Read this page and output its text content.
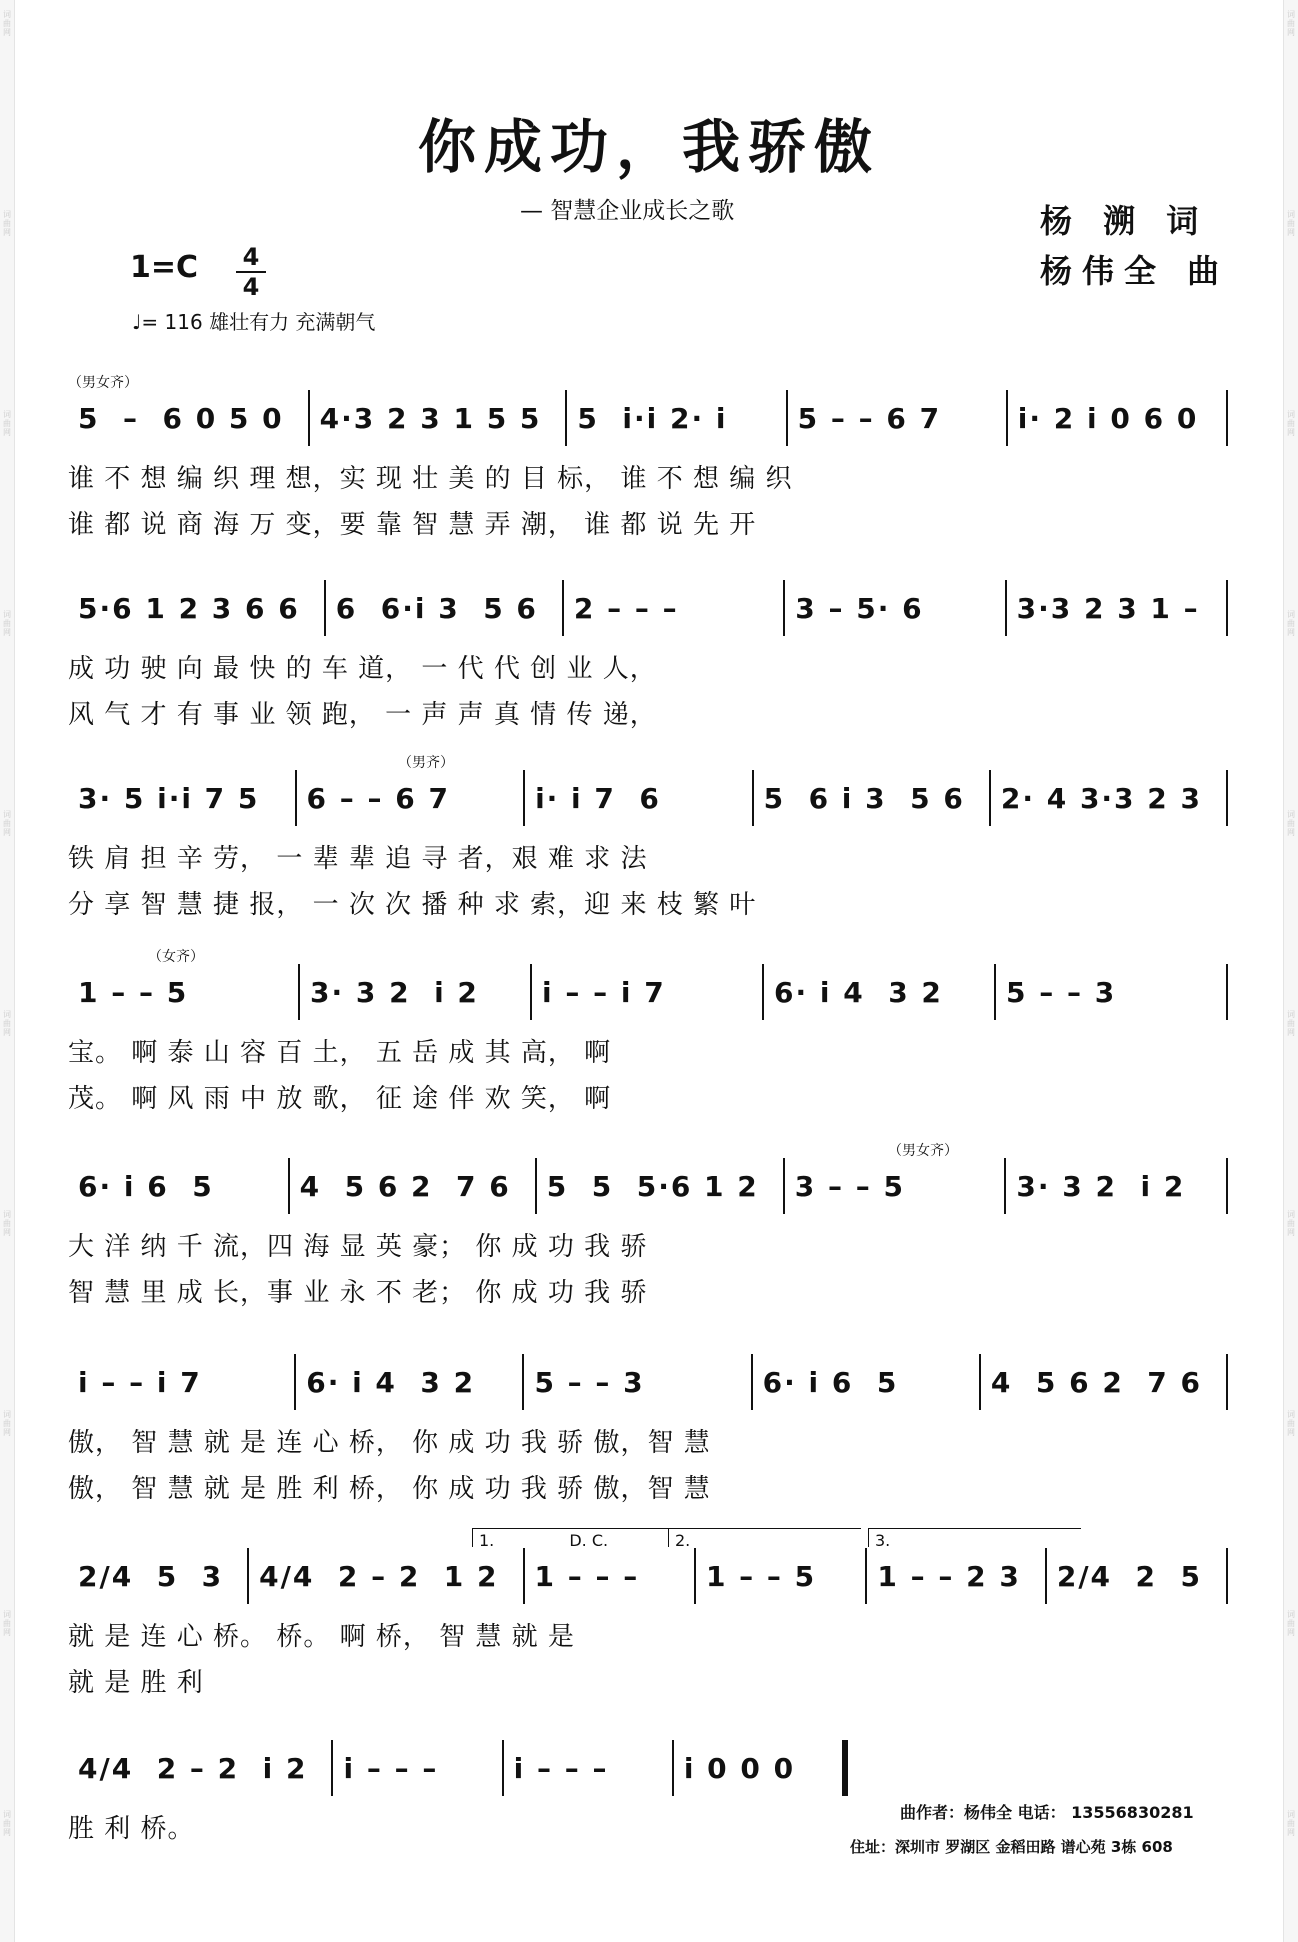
词曲网
词曲网
词曲网
词曲网
词曲网
词曲网
词曲网
词曲网
词曲网
词曲网
词曲网
词曲网
词曲网
词曲网
词曲网
词曲网
词曲网
词曲网
词曲网
词曲网
你成功，我骄傲
— 智慧企业成长之歌	杨 溯 词
杨伟全 曲
1=C 4
4
♩= 116 雄壮有力 充满朝气
（男女齐）
5  –  6 0 5 0 4·3 2 3 1 5 5 5  i·i 2· i	5 – – 6 7	i· 2 i 0 6 0
谁 不 想 编 织 理 想，实 现 壮 美 的 目 标， 谁 不 想 编 织
谁 都 说 商 海 万 变，要 靠 智 慧 弄 潮， 谁 都 说 先 开
5·6 1 2 3 6 6 6  6·i 3  5 6 2 – – –	3 – 5· 6	3·3 2 3 1 –
成 功 驶 向 最 快 的 车 道， 一 代 代 创 业 人，
风 气 才 有 事 业 领 跑， 一 声 声 真 情 传 递，
（男齐）
3· 5 i·i 7 5 6 – – 6 7	i· i 7  6	5  6 i 3  5 6 2· 4 3·3 2 3
铁 肩 担 辛 劳， 一 辈 辈 追 寻 者，艰 难 求 法
分 享 智 慧 捷 报， 一 次 次 播 种 求 索，迎 来 枝 繁 叶
（女齐）
1 – – 5	3· 3 2  i 2 i – – i 7	6· i 4  3 2 5 – – 3
宝。 啊 泰 山 容 百 土， 五 岳 成 其 高， 啊
茂。 啊 风 雨 中 放 歌， 征 途 伴 欢 笑， 啊
（男女齐）
6· i 6  5	4  5 6 2  7 6 5  5  5·6 1 2 3 – – 5	3· 3 2  i 2
大 洋 纳 千 流，四 海 显 英 豪； 你 成 功 我 骄
智 慧 里 成 长，事 业 永 不 老； 你 成 功 我 骄
i – – i 7	6· i 4  3 2 5 – – 3	6· i 6  5	4  5 6 2  7 6
傲， 智 慧 就 是 连 心 桥， 你 成 功 我 骄 傲，智 慧
傲， 智 慧 就 是 胜 利 桥， 你 成 功 我 骄 傲，智 慧
1.	D. C.	2.	3.
2/4  5  3 4/4  2 – 2  1 2 1 – – – 1 – – 5 1 – – 2 3 2/4  2  5
就 是 连 心 桥。 桥。 啊 桥， 智 慧 就 是
就 是 胜 利
4/4  2 – 2  i 2 i – – –	i – – –	i 0 0 0
胜 利 桥。
曲作者：杨伟全 电话： 13556830281
住址：深圳市 罗湖区 金稻田路 谱心苑 3栋 608
